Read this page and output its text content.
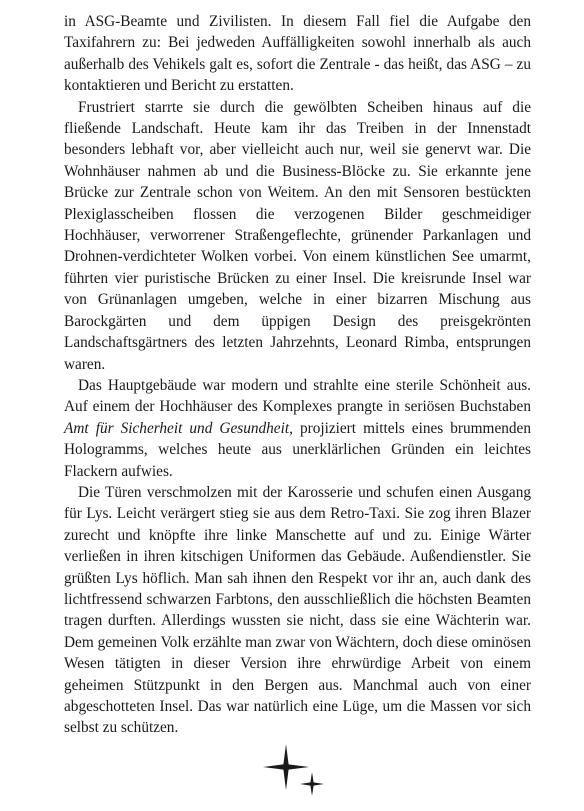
in ASG-Beamte und Zivilisten. In diesem Fall fiel die Aufgabe den Taxifahrern zu: Bei jedweden Auffälligkeiten sowohl innerhalb als auch außerhalb des Vehikels galt es, sofort die Zentrale - das heißt, das ASG – zu kontaktieren und Bericht zu erstatten.

Frustriert starrte sie durch die gewölbten Scheiben hinaus auf die fließende Landschaft. Heute kam ihr das Treiben in der Innenstadt besonders lebhaft vor, aber vielleicht auch nur, weil sie genervt war. Die Wohnhäuser nahmen ab und die Business-Blöcke zu. Sie erkannte jene Brücke zur Zentrale schon von Weitem. An den mit Sensoren bestückten Plexiglasscheiben flossen die verzogenen Bilder geschmeidiger Hochhäuser, verworrener Straßengeflechte, grünender Parkanlagen und Drohnen-verdichteter Wolken vorbei. Von einem künstlichen See umarmt, führten vier puristische Brücken zu einer Insel. Die kreisrunde Insel war von Grünanlagen umgeben, welche in einer bizarren Mischung aus Barockgärten und dem üppigen Design des preisgekrönten Landschaftsgärtners des letzten Jahrzehnts, Leonard Rimba, entsprungen waren.

Das Hauptgebäude war modern und strahlte eine sterile Schönheit aus. Auf einem der Hochhäuser des Komplexes prangte in seriösen Buchstaben Amt für Sicherheit und Gesundheit, projiziert mittels eines brummenden Hologramms, welches heute aus unerklärlichen Gründen ein leichtes Flackern aufwies.

Die Türen verschmolzen mit der Karosserie und schufen einen Ausgang für Lys. Leicht verärgert stieg sie aus dem Retro-Taxi. Sie zog ihren Blazer zurecht und knöpfte ihre linke Manschette auf und zu. Einige Wärter verließen in ihren kitschigen Uniformen das Gebäude. Außendienstler. Sie grüßten Lys höflich. Man sah ihnen den Respekt vor ihr an, auch dank des lichtfressend schwarzen Farbtons, den ausschließlich die höchsten Beamten tragen durften. Allerdings wussten sie nicht, dass sie eine Wächterin war. Dem gemeinen Volk erzählte man zwar von Wächtern, doch diese ominösen Wesen tätigten in dieser Version ihre ehrwürdige Arbeit von einem geheimen Stützpunkt in den Bergen aus. Manchmal auch von einer abgeschotteten Insel. Das war natürlich eine Lüge, um die Massen vor sich selbst zu schützen.
